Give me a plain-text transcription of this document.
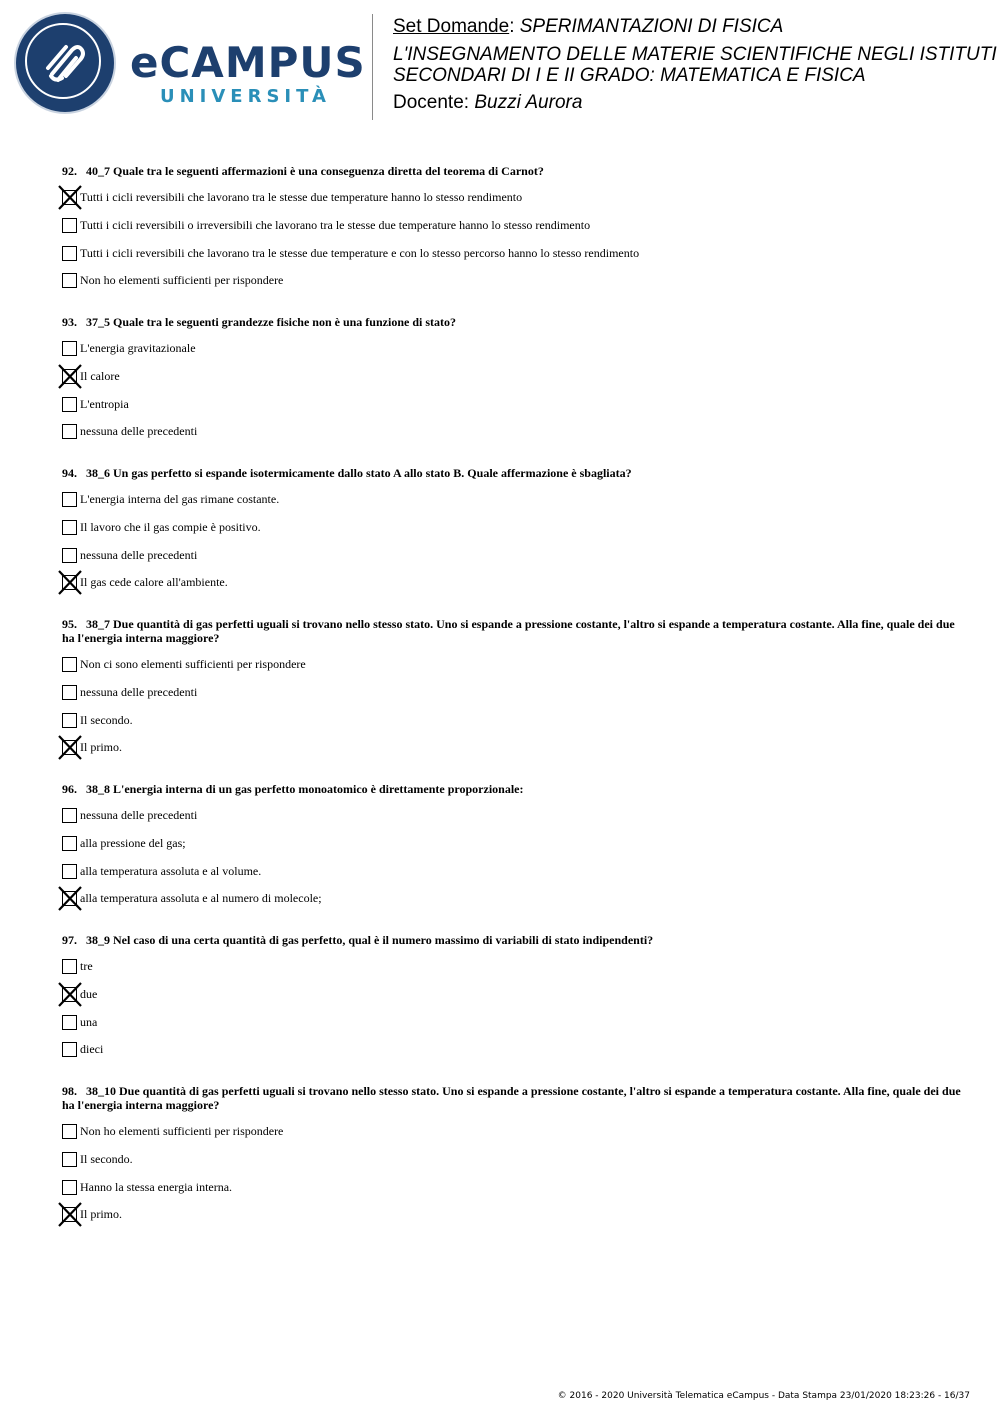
eCAMPUS
UNIVERSITÀ
Set Domande: SPERIMANTAZIONI DI FISICA
L'INSEGNAMENTO DELLE MATERIE SCIENTIFICHE NEGLI ISTITUTI
SECONDARI DI I E II GRADO: MATEMATICA E FISICA
Docente: Buzzi Aurora
92. 40_7 Quale tra le seguenti affermazioni è una conseguenza diretta del teorema di Carnot?
Tutti i cicli reversibili che lavorano tra le stesse due temperature hanno lo stesso rendimento
Tutti i cicli reversibili o irreversibili che lavorano tra le stesse due temperature hanno lo stesso rendimento
Tutti i cicli reversibili che lavorano tra le stesse due temperature e con lo stesso percorso hanno lo stesso rendimento
Non ho elementi sufficienti per rispondere
93. 37_5 Quale tra le seguenti grandezze fisiche non è una funzione di stato?
L'energia gravitazionale
Il calore
L'entropia
nessuna delle precedenti
94. 38_6 Un gas perfetto si espande isotermicamente dallo stato A allo stato B. Quale affermazione è sbagliata?
L'energia interna del gas rimane costante.
Il lavoro che il gas compie è positivo.
nessuna delle precedenti
Il gas cede calore all'ambiente.
95. 38_7 Due quantità di gas perfetti uguali si trovano nello stesso stato. Uno si espande a pressione costante, l'altro si espande a temperatura costante. Alla fine, quale dei due ha l'energia interna maggiore?
Non ci sono elementi sufficienti per rispondere
nessuna delle precedenti
Il secondo.
Il primo.
96. 38_8 L'energia interna di un gas perfetto monoatomico è direttamente proporzionale:
nessuna delle precedenti
alla pressione del gas;
alla temperatura assoluta e al volume.
alla temperatura assoluta e al numero di molecole;
97. 38_9 Nel caso di una certa quantità di gas perfetto, qual è il numero massimo di variabili di stato indipendenti?
tre
due
una
dieci
98. 38_10 Due quantità di gas perfetti uguali si trovano nello stesso stato. Uno si espande a pressione costante, l'altro si espande a temperatura costante. Alla fine, quale dei due ha l'energia interna maggiore?
Non ho elementi sufficienti per rispondere
Il secondo.
Hanno la stessa energia interna.
Il primo.
© 2016 - 2020 Università Telematica eCampus - Data Stampa 23/01/2020 18:23:26 - 16/37
